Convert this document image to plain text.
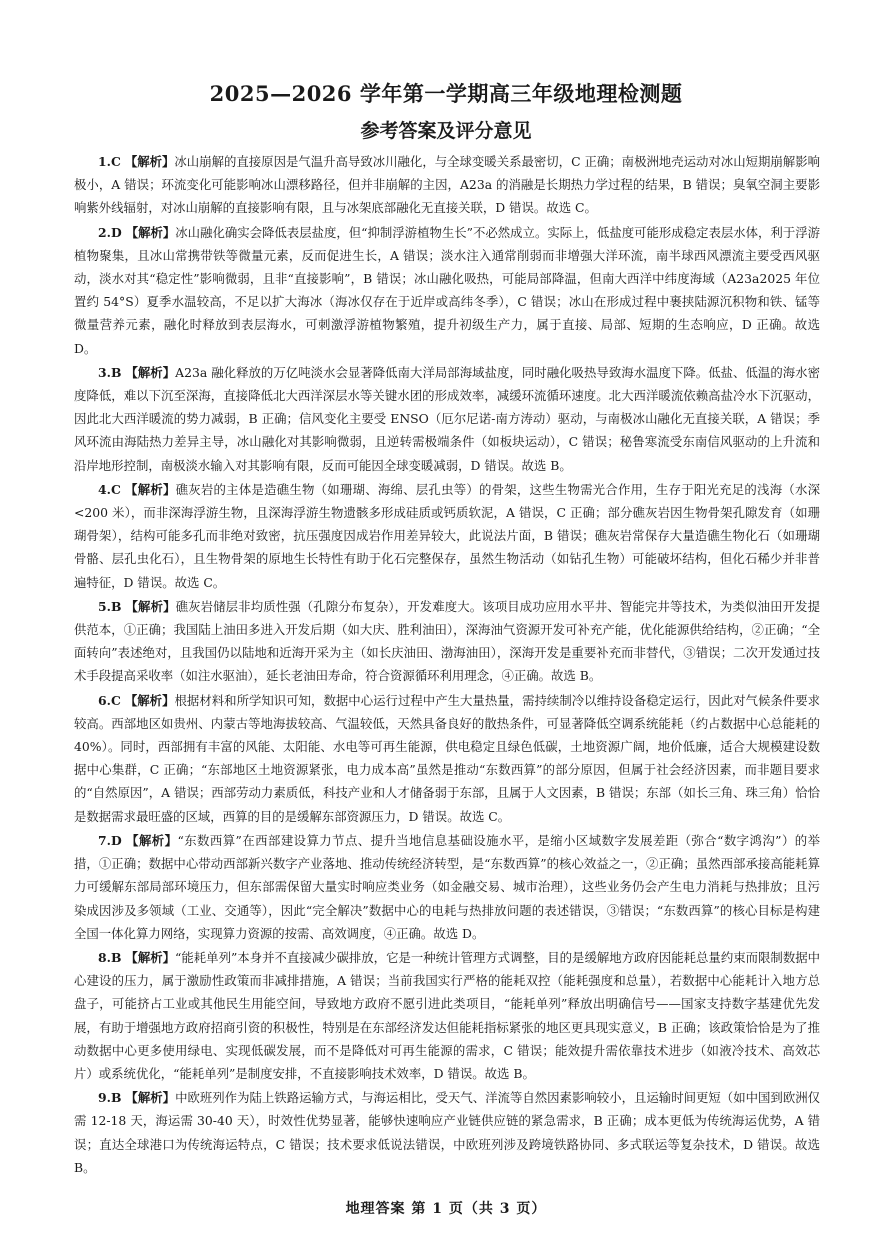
2025—2026 学年第一学期高三年级地理检测题
参考答案及评分意见

1.C 【解析】冰山崩解的直接原因是气温升高导致冰川融化，与全球变暖关系最密切，C 正确；南极洲地壳运动对冰山短期崩解影响极小，A 错误；环流变化可能影响冰山漂移路径，但并非崩解的主因，A23a 的消融是长期热力学过程的结果，B 错误；臭氧空洞主要影响紫外线辐射，对冰山崩解的直接影响有限，且与冰架底部融化无直接关联，D 错误。故选 C。

2.D 【解析】冰山融化确实会降低表层盐度，但“抑制浮游植物生长”不必然成立。实际上，低盐度可能形成稳定表层水体，利于浮游植物聚集，且冰山常携带铁等微量元素，反而促进生长，A 错误；淡水注入通常削弱而非增强大洋环流，南半球西风漂流主要受西风驱动，淡水对其“稳定性”影响微弱，且非“直接影响”，B 错误；冰山融化吸热，可能局部降温，但南大西洋中纬度海域（A23a2025 年位置约 54°S）夏季水温较高，不足以扩大海冰（海冰仅存在于近岸或高纬冬季），C 错误；冰山在形成过程中裹挟陆源沉积物和铁、锰等微量营养元素，融化时释放到表层海水，可刺激浮游植物繁殖，提升初级生产力，属于直接、局部、短期的生态响应，D 正确。故选 D。

3.B 【解析】A23a 融化释放的万亿吨淡水会显著降低南大洋局部海域盐度，同时融化吸热导致海水温度下降。低盐、低温的海水密度降低，难以下沉至深海，直接降低北大西洋深层水等关键水团的形成效率，减缓环流循环速度。北大西洋暖流依赖高盐冷水下沉驱动，因此北大西洋暖流的势力减弱，B 正确；信风变化主要受 ENSO（厄尔尼诺-南方涛动）驱动，与南极冰山融化无直接关联，A 错误；季风环流由海陆热力差异主导，冰山融化对其影响微弱，且逆转需极端条件（如板块运动），C 错误；秘鲁寒流受东南信风驱动的上升流和沿岸地形控制，南极淡水输入对其影响有限，反而可能因全球变暖减弱，D 错误。故选 B。

4.C 【解析】礁灰岩的主体是造礁生物（如珊瑚、海绵、层孔虫等）的骨架，这些生物需光合作用，生存于阳光充足的浅海（水深<200 米），而非深海浮游生物，且深海浮游生物遗骸多形成硅质或钙质软泥，A 错误，C 正确；部分礁灰岩因生物骨架孔隙发育（如珊瑚骨架），结构可能多孔而非绝对致密，抗压强度因成岩作用差异较大，此说法片面，B 错误；礁灰岩常保存大量造礁生物化石（如珊瑚骨骼、层孔虫化石），且生物骨架的原地生长特性有助于化石完整保存，虽然生物活动（如钻孔生物）可能破坏结构，但化石稀少并非普遍特征，D 错误。故选 C。

5.B 【解析】礁灰岩储层非均质性强（孔隙分布复杂），开发难度大。该项目成功应用水平井、智能完井等技术，为类似油田开发提供范本，①正确；我国陆上油田多进入开发后期（如大庆、胜利油田），深海油气资源开发可补充产能，优化能源供给结构，②正确；“全面转向”表述绝对，且我国仍以陆地和近海开采为主（如长庆油田、渤海油田），深海开发是重要补充而非替代，③错误；二次开发通过技术手段提高采收率（如注水驱油），延长老油田寿命，符合资源循环利用理念，④正确。故选 B。

6.C 【解析】根据材料和所学知识可知，数据中心运行过程中产生大量热量，需持续制冷以维持设备稳定运行，因此对气候条件要求较高。西部地区如贵州、内蒙古等地海拔较高、气温较低，天然具备良好的散热条件，可显著降低空调系统能耗（约占数据中心总能耗的 40%）。同时，西部拥有丰富的风能、太阳能、水电等可再生能源，供电稳定且绿色低碳，土地资源广阔，地价低廉，适合大规模建设数据中心集群，C 正确；“东部地区土地资源紧张，电力成本高”虽然是推动“东数西算”的部分原因，但属于社会经济因素，而非题目要求的“自然原因”，A 错误；西部劳动力素质低，科技产业和人才储备弱于东部，且属于人文因素，B 错误；东部（如长三角、珠三角）恰恰是数据需求最旺盛的区域，西算的目的是缓解东部资源压力，D 错误。故选 C。

7.D 【解析】“东数西算”在西部建设算力节点、提升当地信息基础设施水平，是缩小区域数字发展差距（弥合“数字鸿沟”）的举措，①正确；数据中心带动西部新兴数字产业落地、推动传统经济转型，是“东数西算”的核心效益之一，②正确；虽然西部承接高能耗算力可缓解东部局部环境压力，但东部需保留大量实时响应类业务（如金融交易、城市治理），这些业务仍会产生电力消耗与热排放；且污染成因涉及多领域（工业、交通等），因此“完全解决”数据中心的电耗与热排放问题的表述错误，③错误；“东数西算”的核心目标是构建全国一体化算力网络，实现算力资源的按需、高效调度，④正确。故选 D。

8.B 【解析】“能耗单列”本身并不直接减少碳排放，它是一种统计管理方式调整，目的是缓解地方政府因能耗总量约束而限制数据中心建设的压力，属于激励性政策而非减排措施，A 错误；当前我国实行严格的能耗双控（能耗强度和总量），若数据中心能耗计入地方总盘子，可能挤占工业或其他民生用能空间，导致地方政府不愿引进此类项目，“能耗单列”释放出明确信号——国家支持数字基建优先发展，有助于增强地方政府招商引资的积极性，特别是在东部经济发达但能耗指标紧张的地区更具现实意义，B 正确；该政策恰恰是为了推动数据中心更多使用绿电、实现低碳发展，而不是降低对可再生能源的需求，C 错误；能效提升需依靠技术进步（如液冷技术、高效芯片）或系统优化，“能耗单列”是制度安排，不直接影响技术效率，D 错误。故选 B。

9.B 【解析】中欧班列作为陆上铁路运输方式，与海运相比，受天气、洋流等自然因素影响较小，且运输时间更短（如中国到欧洲仅需 12-18 天，海运需 30-40 天），时效性优势显著，能够快速响应产业链供应链的紧急需求，B 正确；成本更低为传统海运优势，A 错误；直达全球港口为传统海运特点，C 错误；技术要求低说法错误，中欧班列涉及跨境铁路协同、多式联运等复杂技术，D 错误。故选 B。

地理答案 第 1 页（共 3 页）
